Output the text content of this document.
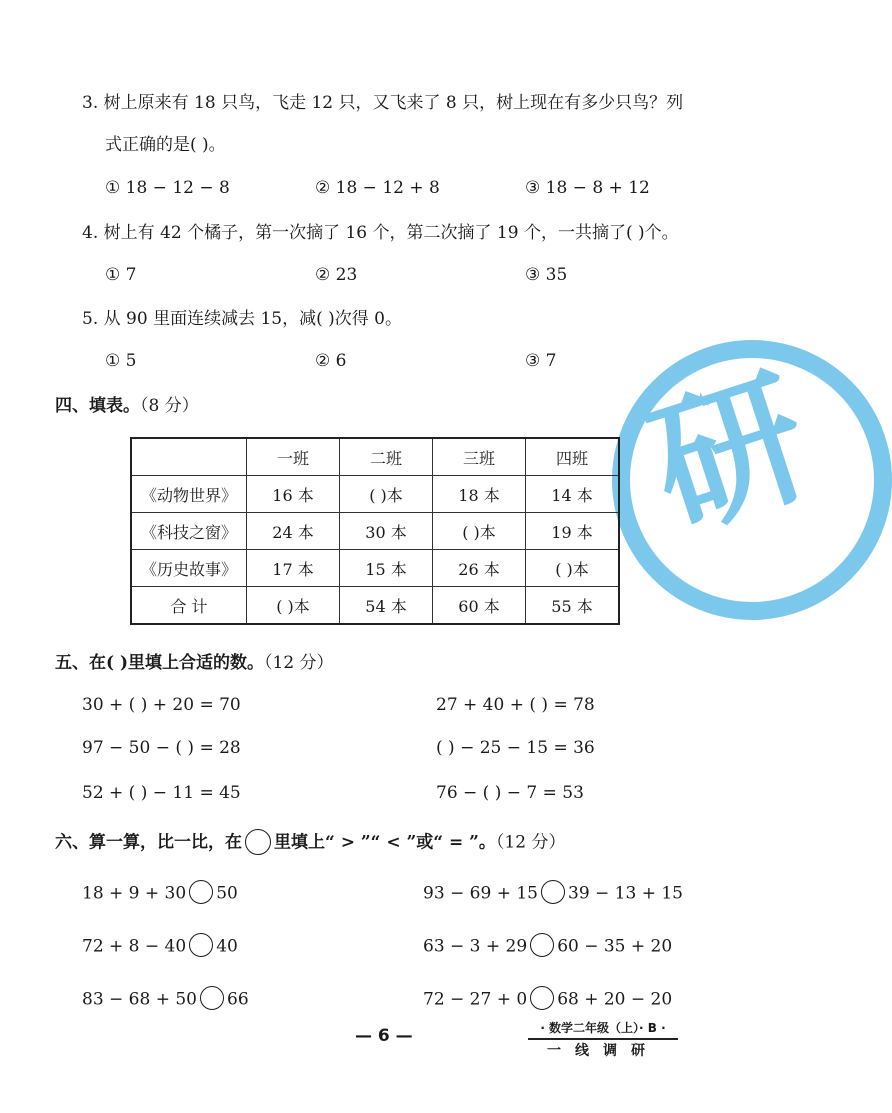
3. 树上原来有 18 只鸟，飞走 12 只，又飞来了 8 只，树上现在有多少只鸟？列
式正确的是( )。
① 18 − 12 − 8	② 18 − 12 + 8	③ 18 − 8 + 12
4. 树上有 42 个橘子，第一次摘了 16 个，第二次摘了 19 个，一共摘了( )个。
① 7	② 23	③ 35
5. 从 90 里面连续减去 15，减( )次得 0。
① 5	② 6	③ 7 研
四、填表。（8 分）
	一班	二班	三班	四班
《动物世界》	16 本	( )本	18 本	14 本
《科技之窗》	24 本	30 本	( )本	19 本
《历史故事》	17 本	15 本	26 本	( )本
合 计	( )本	54 本	60 本	55 本
五、在( )里填上合适的数。（12 分）
30 + ( ) + 20 = 70
97 − 50 − ( ) = 28
52 + ( ) − 11 = 45
27 + 40 + ( ) = 78
( ) − 25 − 15 = 36
76 − ( ) − 7 = 53
六、算一算，比一比，在 里填上“ > ”“ < ”或“ = ”。（12 分）
18 + 9 + 30 50
72 + 8 − 40 40
83 − 68 + 50 66
93 − 69 + 15 39 − 13 + 15
63 − 3 + 29 60 − 35 + 20
72 − 27 + 0 68 + 20 − 20
— 6 —	· 数学二年级（上）· B ·
一线调研
